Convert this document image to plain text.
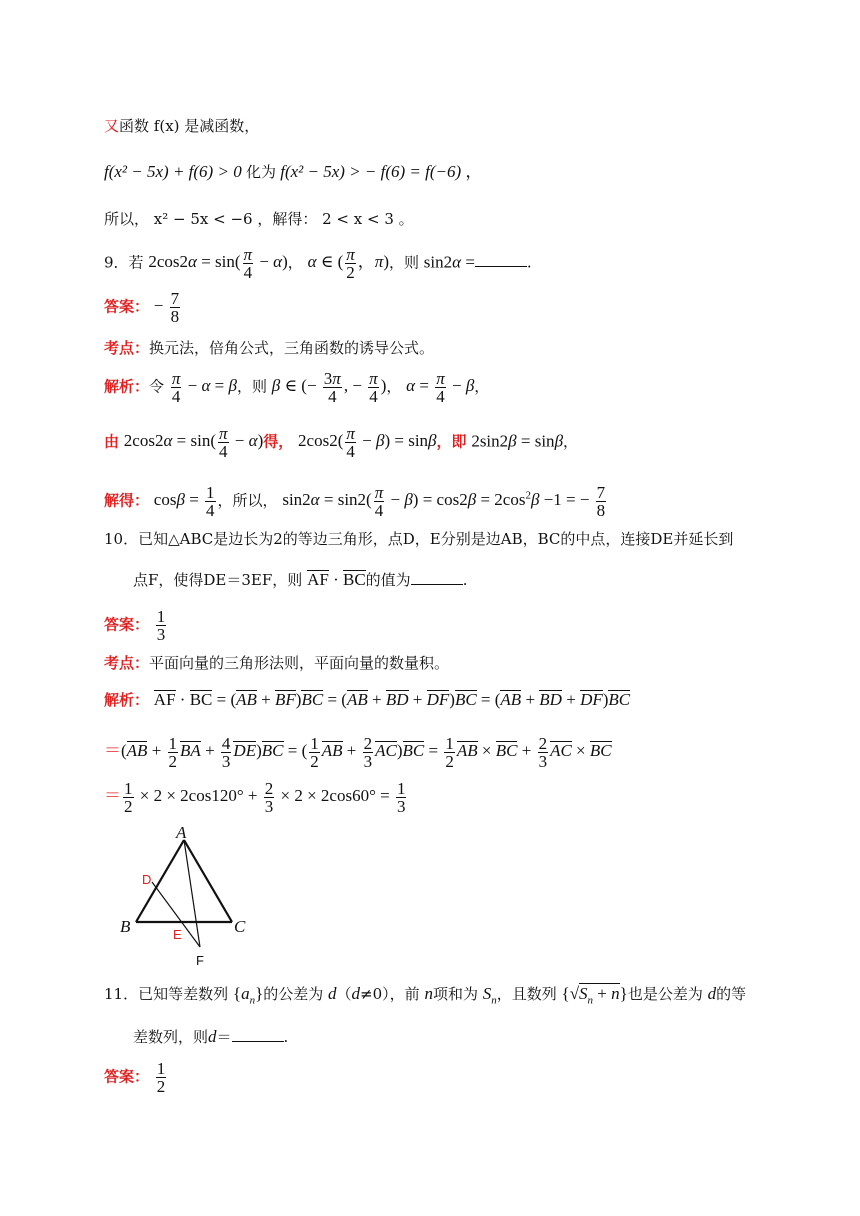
又函数 f(x) 是减函数，
f(x² − 5x) + f(6) > 0 化为 f(x² − 5x) > − f(6) = f(−6) ，
所以， x² − 5x < −6 ，解得： 2 < x < 3 。
9．若 $2\cos 2\alpha = \sin( \frac{\pi}{4} - \alpha)$， α ∈ ( $\frac{\pi}{2}$ ，π)，则 sin2α =	.
答案： − $\frac{7}{8}$
考点：换元法，倍角公式，三角函数的诱导公式。
解析：令 $\frac{\pi}{4} - \alpha = \beta$，则 β ∈ (− $\frac{3\pi}{4}$ , − $\frac{\pi}{4}$ )， $\alpha = \frac{\pi}{4} - \beta$，
由 $2\cos 2\alpha = \sin( \frac{\pi}{4} - \alpha)$得， $2\cos 2( \frac{\pi}{4} - \beta) = \sin\beta$，即 2sin2β = sinβ，
解得： $\cos\beta = \frac{1}{4}$ ，所以， $\sin 2\alpha = \sin 2( \frac{\pi}{4} - \beta) = \cos 2\beta = 2\cos^2\beta -1$ = − $\frac{7}{8}$
10．已知△ABC是边长为2的等边三角形，点D，E分别是边AB，BC的中点，连接DE并延长到
点F，使得DE＝3EF，则 AF · BC的值为	.
答案： $\frac{1}{3}$
考点：平面向量的三角形法则，平面向量的数量积。
解析： AF · BC = (AB + BF)BC = (AB + BD + DF)BC = (AB + BD + DF)BC
$=(AB + \frac{1}{2}$ BA + $\frac{4}{3} DE)BC$ = ( $\frac{1}{2}$ AB + $\frac{2}{3} AC)BC = \frac{1}{2}$ AB × BC + $\frac{2}{3}$ AC × BC
＝ $\frac{1}{2} \times 2 \times 2\cos 120^\circ + \frac{2}{3} \times 2 \times 2\cos 60^\circ = \frac{1}{3}$
A
B	C
D
E
F
11．已知等差数列 $\{a_n\}$的公差为 d（d≠0），前 n项和为 $S_n$，且数列 $\{√S_n + n\}$也是公差为 d的等
差数列，则d＝	.
答案： $\frac{1}{2}$
